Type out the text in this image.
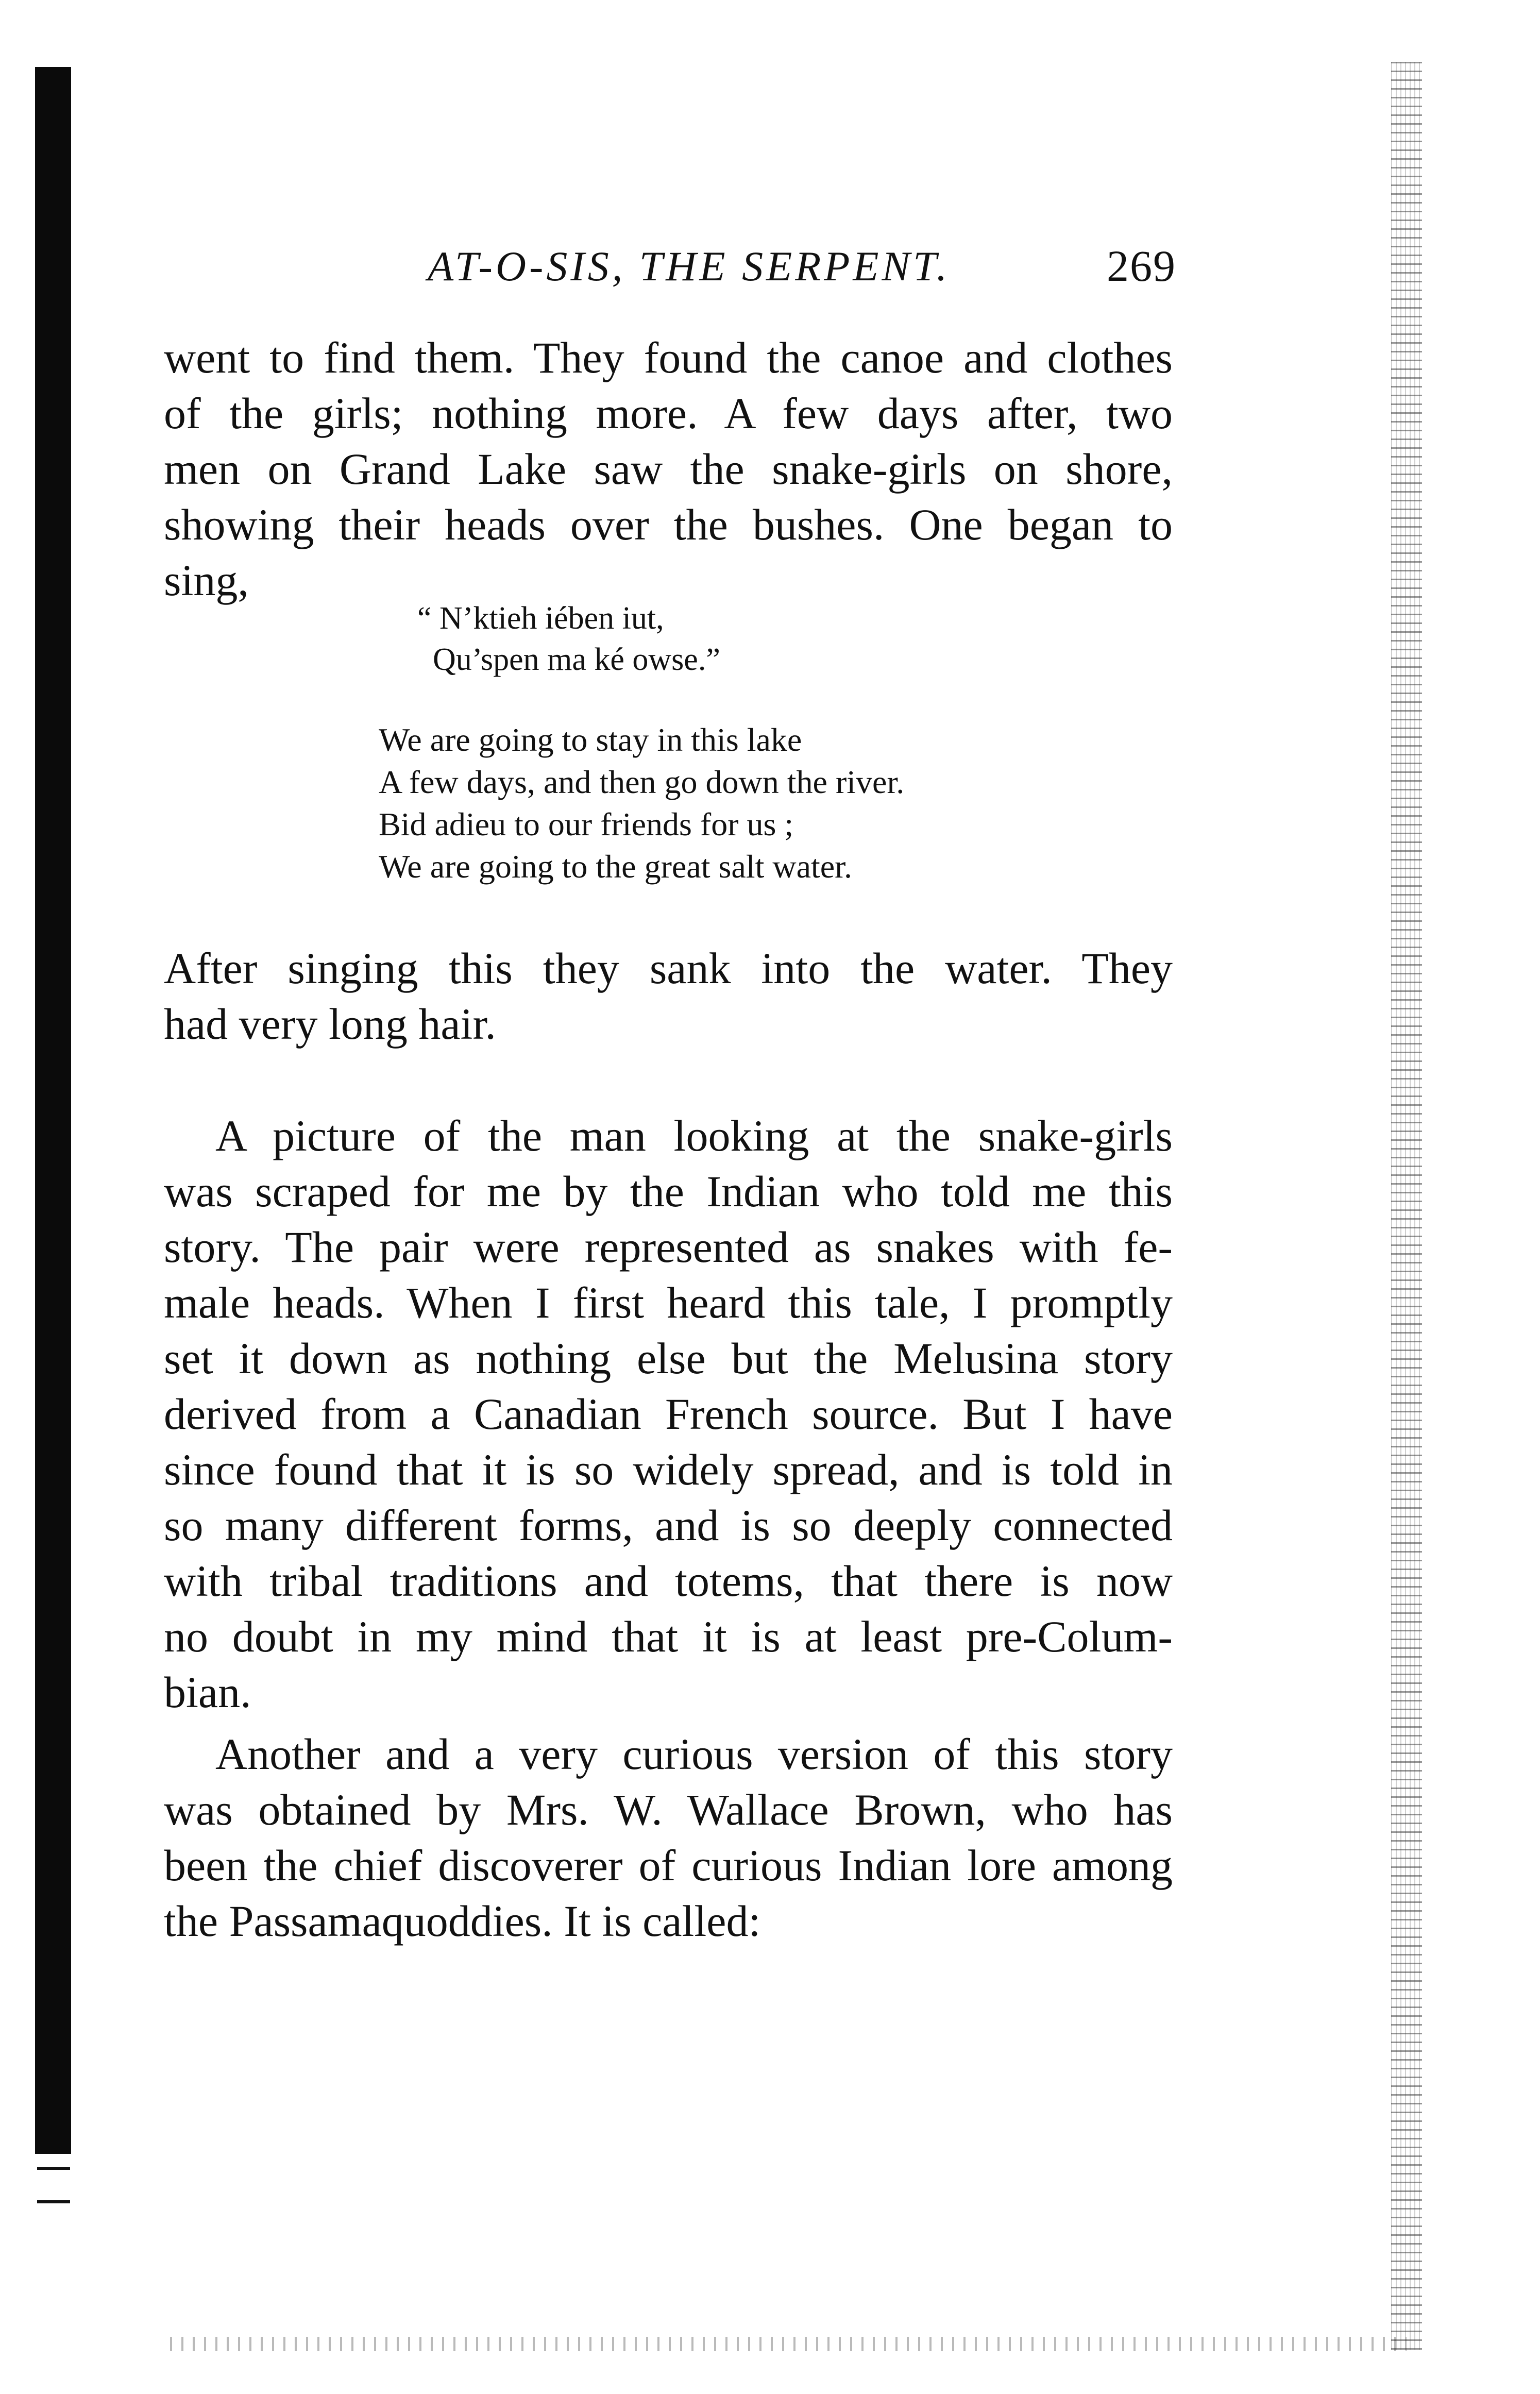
AT-O-SIS, THE SERPENT.	269
went to find them. They found the canoe and clothes
of the girls; nothing more. A few days after, two
men on Grand Lake saw the snake-girls on shore,
showing their heads over the bushes. One began to
sing,
“ N’ktieh iében iut,
Qu’spen ma ké owse.”
We are going to stay in this lake
A few days, and then go down the river.
Bid adieu to our friends for us ;
We are going to the great salt water.
After singing this they sank into the water. They
had very long hair.
A picture of the man looking at the snake-girls
was scraped for me by the Indian who told me this
story. The pair were represented as snakes with fe-
male heads. When I first heard this tale, I promptly
set it down as nothing else but the Melusina story
derived from a Canadian French source. But I have
since found that it is so widely spread, and is told in
so many different forms, and is so deeply connected
with tribal traditions and totems, that there is now
no doubt in my mind that it is at least pre-Colum-
bian.
Another and a very curious version of this story
was obtained by Mrs. W. Wallace Brown, who has
been the chief discoverer of curious Indian lore among
the Passamaquoddies. It is called:
